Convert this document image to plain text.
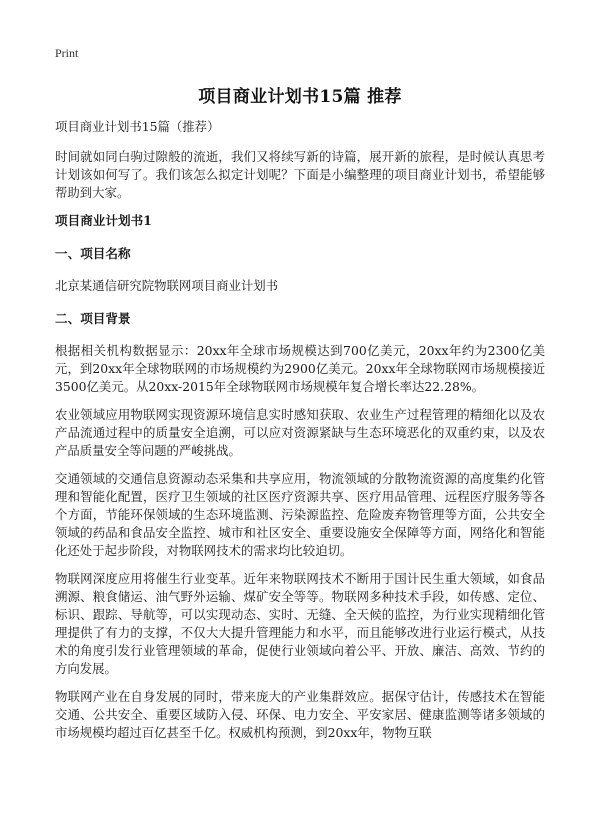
Print
项目商业计划书15篇 推荐

项目商业计划书15篇（推荐）

时间就如同白驹过隙般的流逝，我们又将续写新的诗篇，展开新的旅程，是时候认真思考计划该如何写了。我们该怎么拟定计划呢？下面是小编整理的项目商业计划书，希望能够帮助到大家。

项目商业计划书1
一、项目名称

北京某通信研究院物联网项目商业计划书

二、项目背景

根据相关机构数据显示：20xx年全球市场规模达到700亿美元，20xx年约为2300亿美元，到20xx年全球物联网的市场规模约为2900亿美元。20xx年全球物联网市场规模接近3500亿美元。从20xx-2015年全球物联网市场规模年复合增长率达22.28%。

农业领域应用物联网实现资源环境信息实时感知获取、农业生产过程管理的精细化以及农产品流通过程中的质量安全追溯，可以应对资源紧缺与生态环境恶化的双重约束，以及农产品质量安全等问题的严峻挑战。

交通领域的交通信息资源动态采集和共享应用，物流领域的分散物流资源的高度集约化管理和智能化配置，医疗卫生领域的社区医疗资源共享、医疗用品管理、远程医疗服务等各个方面，节能环保领域的生态环境监测、污染源监控、危险废弃物管理等方面，公共安全领域的药品和食品安全监控、城市和社区安全、重要设施安全保障等方面，网络化和智能化还处于起步阶段，对物联网技术的需求均比较迫切。

物联网深度应用将催生行业变革。近年来物联网技术不断用于国计民生重大领域，如食品溯源、粮食储运、油气野外运输、煤矿安全等等。物联网多种技术手段，如传感、定位、标识、跟踪、导航等，可以实现动态、实时、无缝、全天候的监控，为行业实现精细化管理提供了有力的支撑，不仅大大提升管理能力和水平，而且能够改进行业运行模式，从技术的角度引发行业管理领域的革命，促使行业领域向着公平、开放、廉洁、高效、节约的方向发展。

物联网产业在自身发展的同时，带来庞大的产业集群效应。据保守估计，传感技术在智能交通、公共安全、重要区域防入侵、环保、电力安全、平安家居、健康监测等诸多领域的市场规模均超过百亿甚至千亿。权威机构预测，到20xx年，物物互联
